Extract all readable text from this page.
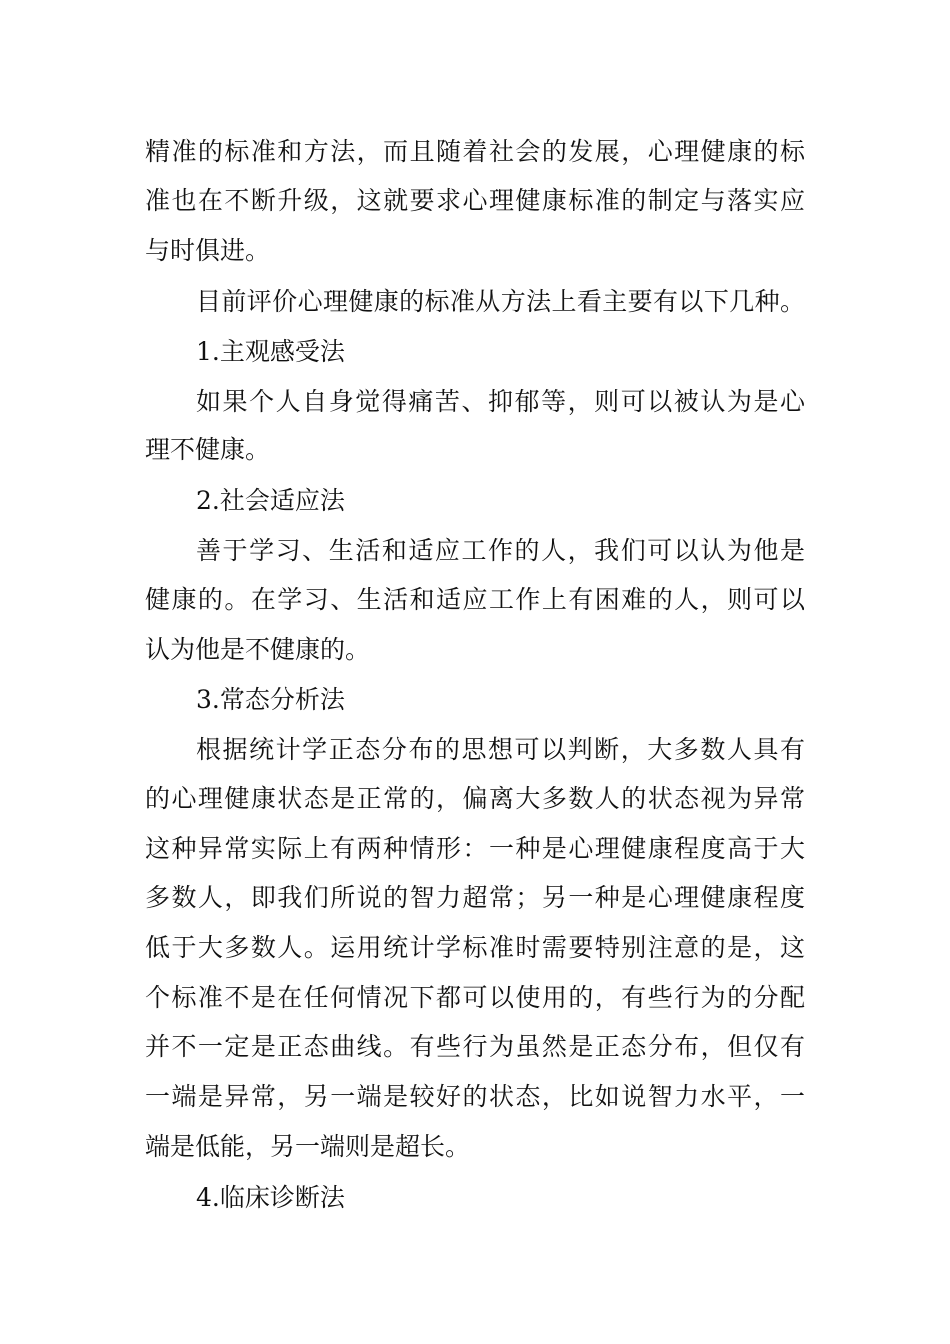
精准的标准和方法，而且随着社会的发展，心理健康的标
准也在不断升级，这就要求心理健康标准的制定与落实应
与时俱进。
目前评价心理健康的标准从方法上看主要有以下几种。
1.主观感受法
如果个人自身觉得痛苦、抑郁等，则可以被认为是心
理不健康。
2.社会适应法
善于学习、生活和适应工作的人，我们可以认为他是
健康的。在学习、生活和适应工作上有困难的人，则可以
认为他是不健康的。
3.常态分析法
根据统计学正态分布的思想可以判断，大多数人具有
的心理健康状态是正常的，偏离大多数人的状态视为异常
这种异常实际上有两种情形：一种是心理健康程度高于大
多数人，即我们所说的智力超常；另一种是心理健康程度
低于大多数人。运用统计学标准时需要特别注意的是，这
个标准不是在任何情况下都可以使用的，有些行为的分配
并不一定是正态曲线。有些行为虽然是正态分布，但仅有
一端是异常，另一端是较好的状态，比如说智力水平，一
端是低能，另一端则是超长。
4.临床诊断法
